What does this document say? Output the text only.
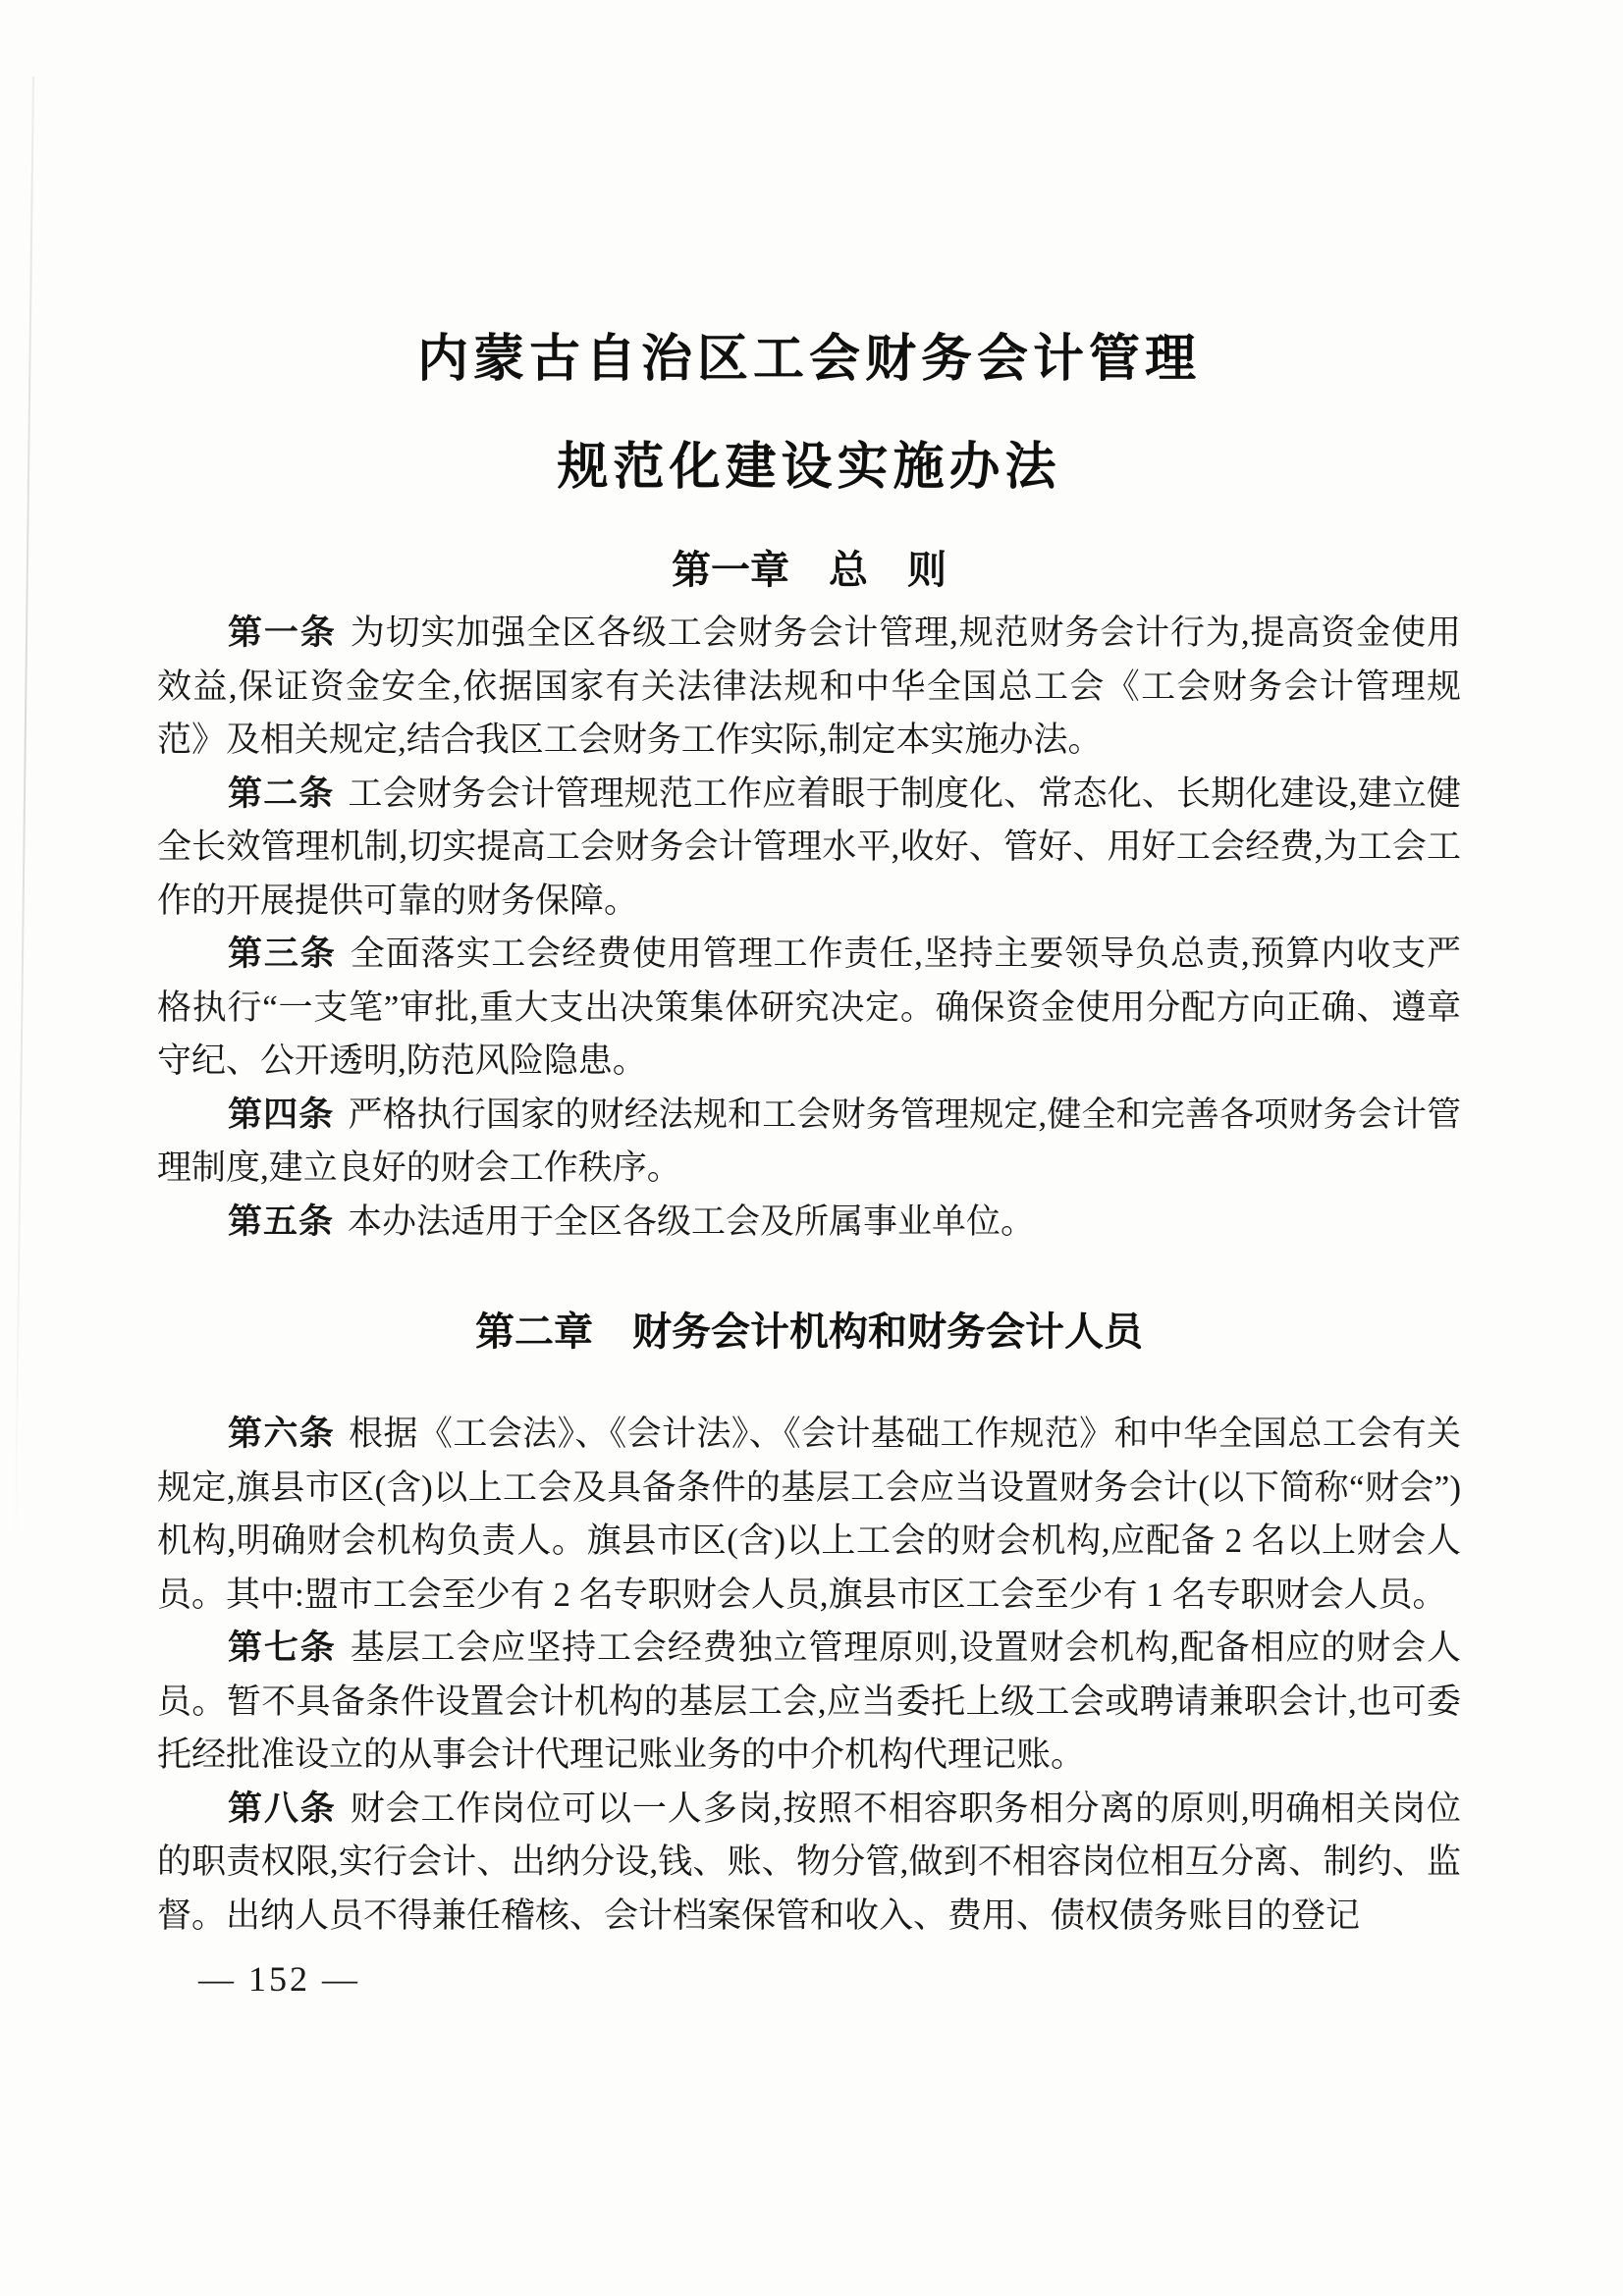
内蒙古自治区工会财务会计管理
规范化建设实施办法
第一章　总　则

第一条 为切实加强全区各级工会财务会计管理,规范财务会计行为,提高资金使用效益,保证资金安全,依据国家有关法律法规和中华全国总工会《工会财务会计管理规范》及相关规定,结合我区工会财务工作实际,制定本实施办法。

第二条 工会财务会计管理规范工作应着眼于制度化、常态化、长期化建设,建立健全长效管理机制,切实提高工会财务会计管理水平,收好、管好、用好工会经费,为工会工作的开展提供可靠的财务保障。

第三条 全面落实工会经费使用管理工作责任,坚持主要领导负总责,预算内收支严格执行“一支笔”审批,重大支出决策集体研究决定。确保资金使用分配方向正确、遵章守纪、公开透明,防范风险隐患。

第四条 严格执行国家的财经法规和工会财务管理规定,健全和完善各项财务会计管理制度,建立良好的财会工作秩序。

第五条 本办法适用于全区各级工会及所属事业单位。

第二章　财务会计机构和财务会计人员

第六条 根据《工会法》、《会计法》、《会计基础工作规范》和中华全国总工会有关规定,旗县市区(含)以上工会及具备条件的基层工会应当设置财务会计(以下简称“财会”)机构,明确财会机构负责人。旗县市区(含)以上工会的财会机构,应配备 2 名以上财会人员。其中:盟市工会至少有 2 名专职财会人员,旗县市区工会至少有 1 名专职财会人员。

第七条 基层工会应坚持工会经费独立管理原则,设置财会机构,配备相应的财会人员。暂不具备条件设置会计机构的基层工会,应当委托上级工会或聘请兼职会计,也可委托经批准设立的从事会计代理记账业务的中介机构代理记账。

第八条 财会工作岗位可以一人多岗,按照不相容职务相分离的原则,明确相关岗位的职责权限,实行会计、出纳分设,钱、账、物分管,做到不相容岗位相互分离、制约、监督。出纳人员不得兼任稽核、会计档案保管和收入、费用、债权债务账目的登记

— 152 —
